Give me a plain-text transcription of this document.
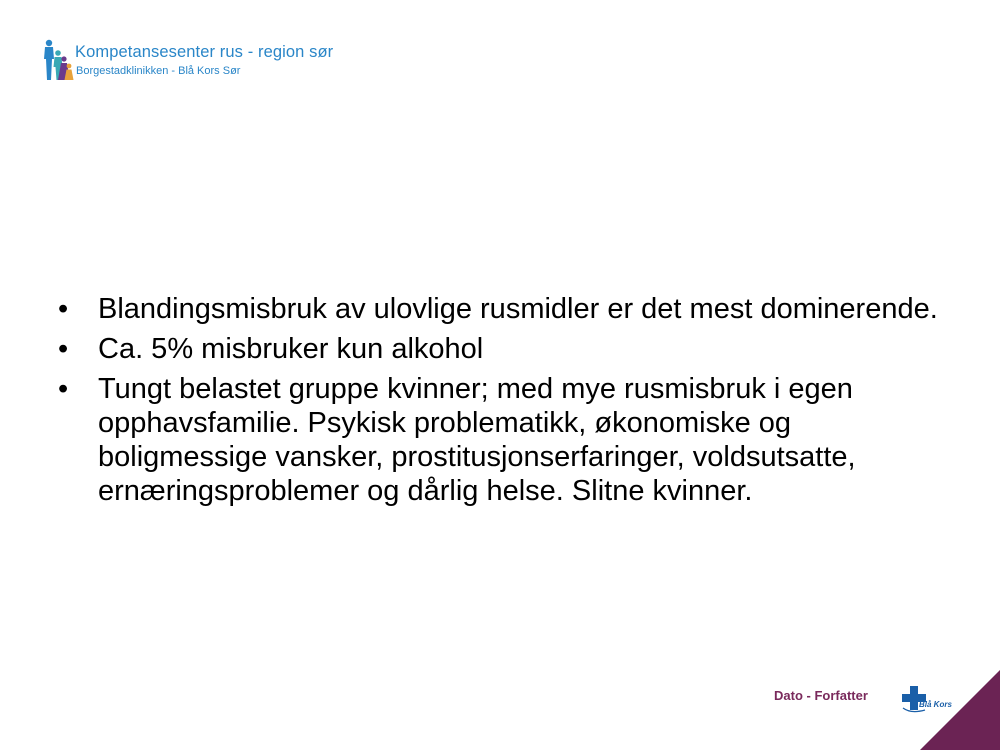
Kompetansesenter rus - region sør
Borgestadklinikken - Blå Kors Sør
• Blandingsmisbruk av ulovlige rusmidler er det mest dominerende.
• Ca. 5% misbruker kun alkohol
• Tungt belastet gruppe kvinner; med mye rusmisbruk i egen opphavsfamilie. Psykisk problematikk, økonomiske og boligmessige vansker, prostitusjonserfaringer, voldsutsatte, ernæringsproblemer og dårlig helse. Slitne kvinner.
Dato - Forfatter
Blå Kors
